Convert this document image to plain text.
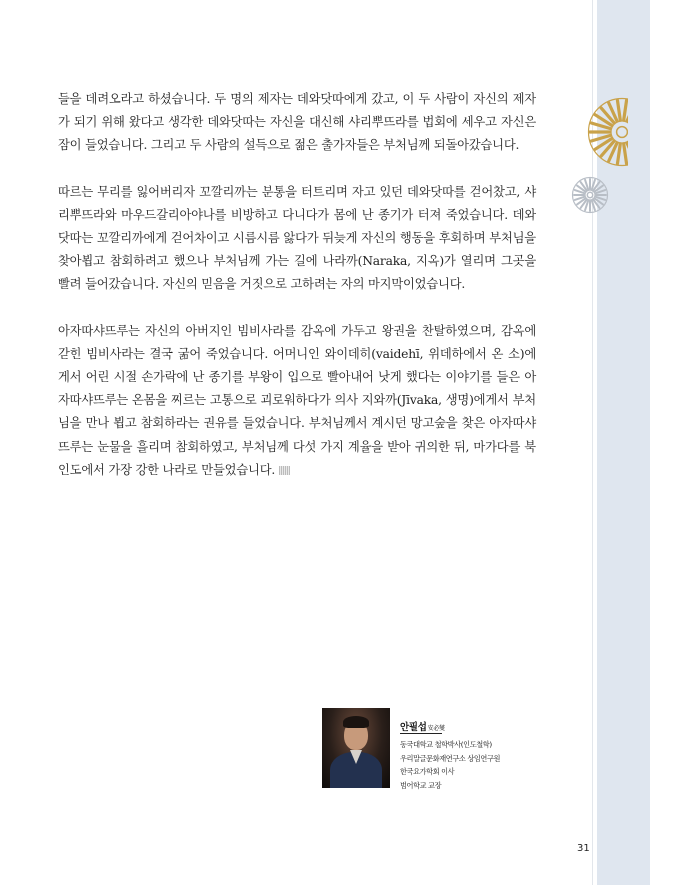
들을 데려오라고 하셨습니다. 두 명의 제자는 데와닷따에게 갔고, 이 두 사람이 자신의 제자가 되기 위해 왔다고 생각한 데와닷따는 자신을 대신해 샤리뿌뜨라를 법회에 세우고 자신은 잠이 들었습니다. 그리고 두 사람의 설득으로 젊은 출가자들은 부처님께 되돌아갔습니다.

따르는 무리를 잃어버리자 꼬깔리까는 분통을 터트리며 자고 있던 데와닷따를 걷어찼고, 샤리뿌뜨라와 마우드갈리아야나를 비방하고 다니다가 몸에 난 종기가 터져 죽었습니다. 데와닷따는 꼬깔리까에게 걷어차이고 시름시름 앓다가 뒤늦게 자신의 행동을 후회하며 부처님을 찾아뵙고 참회하려고 했으나 부처님께 가는 길에 나라까(Naraka, 지옥)가 열리며 그곳을 빨려 들어갔습니다. 자신의 믿음을 거짓으로 고하려는 자의 마지막이었습니다.

아자따샤뜨루는 자신의 아버지인 빔비사라를 감옥에 가두고 왕권을 찬탈하였으며, 감옥에 갇힌 빔비사라는 결국 굶어 죽었습니다. 어머니인 와이데히(vaidehī, 위데하에서 온 소)에게서 어린 시절 손가락에 난 종기를 부왕이 입으로 빨아내어 낫게 했다는 이야기를 들은 아자따샤뜨루는 온몸을 찌르는 고통으로 괴로워하다가 의사 지와까(Jīvaka, 생명)에게서 부처님을 만나 뵙고 참회하라는 권유를 들었습니다. 부처님께서 계시던 망고숲을 찾은 아자따샤뜨루는 눈물을 흘리며 참회하였고, 부처님께 다섯 가지 계율을 받아 귀의한 뒤, 마가다를 북인도에서 가장 강한 나라로 만들었습니다.

안필섭安必燮
동국대학교 철학박사(인도철학)
우리말글문화재연구소 상임연구원
한국요가학회 이사
범어학교 교장
31
